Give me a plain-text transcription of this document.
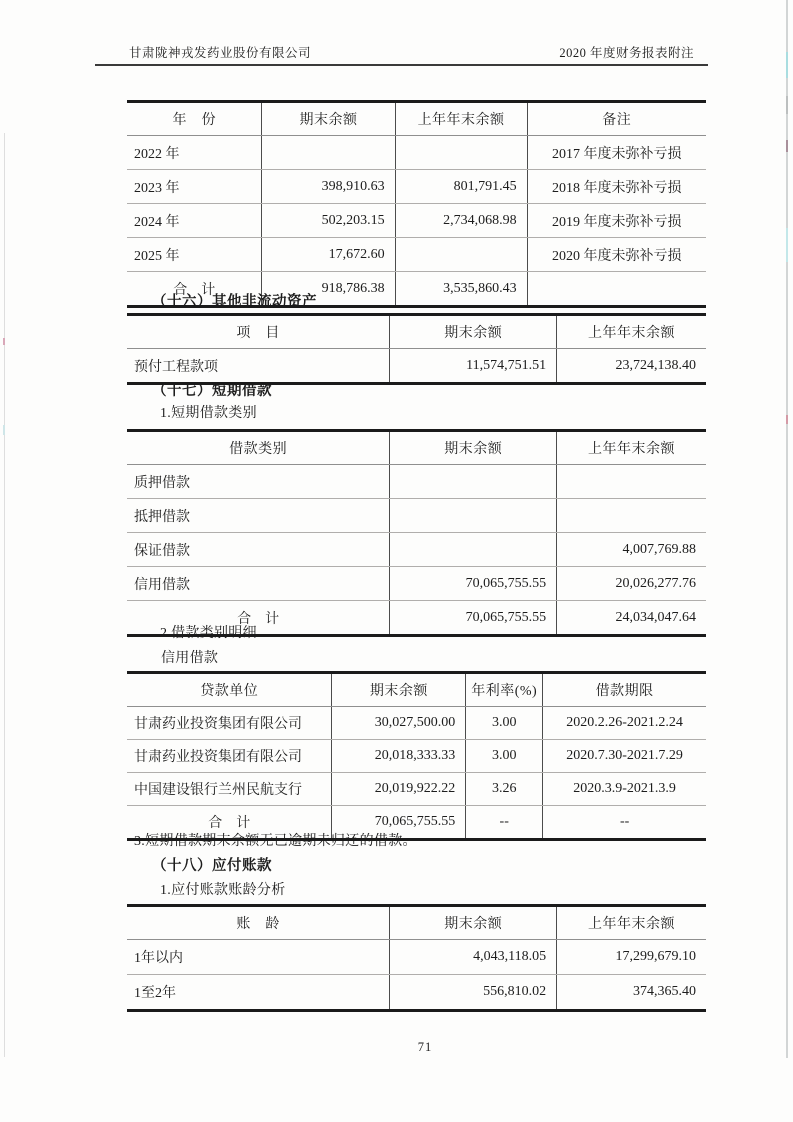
甘肃陇神戎发药业股份有限公司	2020 年度财务报表附注
年　份	期末余额	上年年末余额	备注
2022 年			2017 年度未弥补亏损
2023 年	398,910.63	801,791.45	2018 年度未弥补亏损
2024 年	502,203.15	2,734,068.98	2019 年度未弥补亏损
2025 年	17,672.60		2020 年度未弥补亏损
合　计	918,786.38	3,535,860.43	
（十六）其他非流动资产
项　目	期末余额	上年年末余额
预付工程款项	11,574,751.51	23,724,138.40
（十七）短期借款
1.短期借款类别
借款类别	期末余额	上年年末余额
质押借款		
抵押借款		
保证借款		4,007,769.88
信用借款	70,065,755.55	20,026,277.76
合　计	70,065,755.55	24,034,047.64
2.借款类别明细
信用借款
贷款单位	期末余额	年利率(%)	借款期限
甘肃药业投资集团有限公司	30,027,500.00	3.00	2020.2.26-2021.2.24
甘肃药业投资集团有限公司	20,018,333.33	3.00	2020.7.30-2021.7.29
中国建设银行兰州民航支行	20,019,922.22	3.26	2020.3.9-2021.3.9
合　计	70,065,755.55	--	--
3.短期借款期末余额无已逾期未归还的借款。
（十八）应付账款
1.应付账款账龄分析
账　龄	期末余额	上年年末余额
1年以内	4,043,118.05	17,299,679.10
1至2年	556,810.02	374,365.40
71
